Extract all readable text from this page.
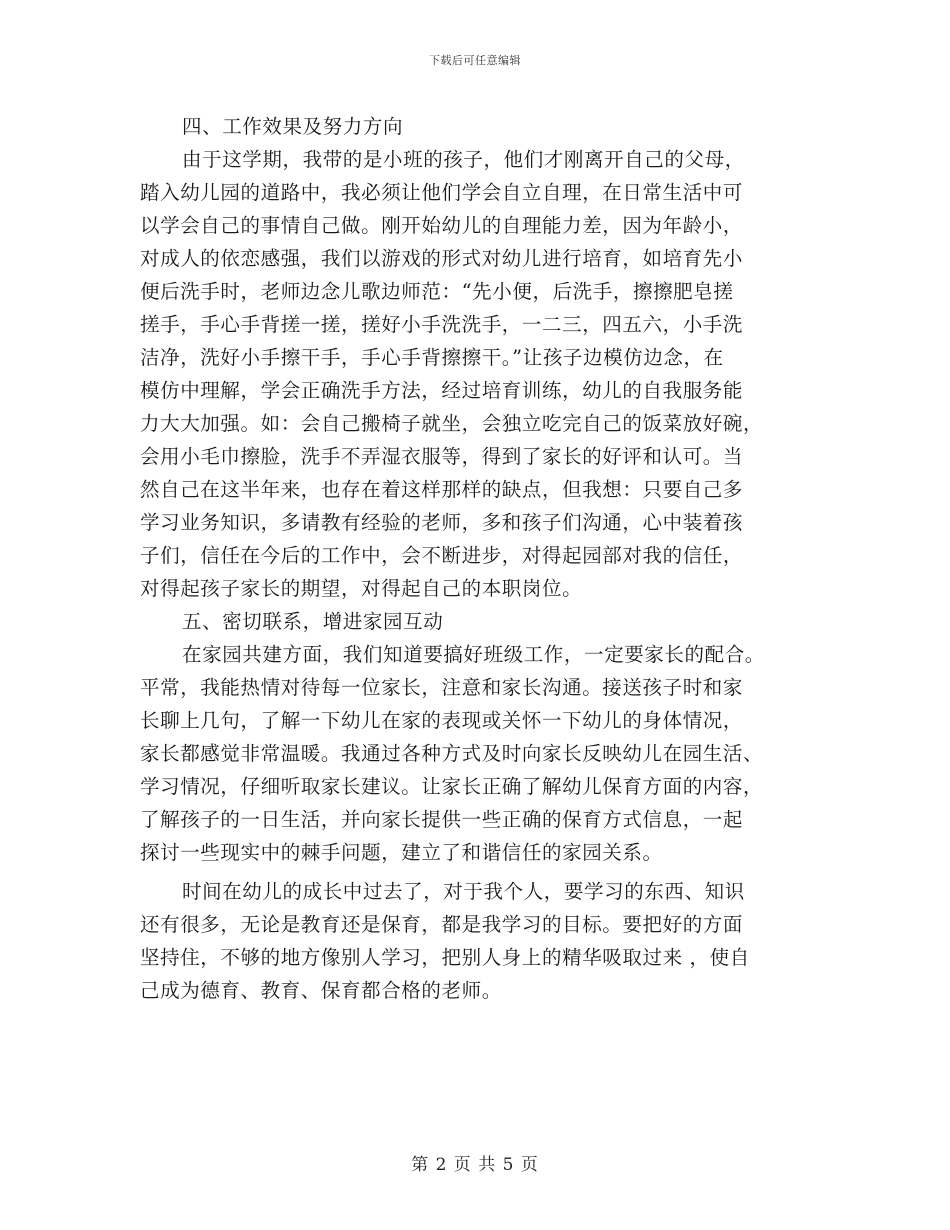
下载后可任意编辑
四、工作效果及努力方向
由于这学期，我带的是小班的孩子，他们才刚离开自己的父母，
踏入幼儿园的道路中，我必须让他们学会自立自理，在日常生活中可
以学会自己的事情自己做。刚开始幼儿的自理能力差，因为年龄小，
对成人的依恋感强，我们以游戏的形式对幼儿进行培育，如培育先小
便后洗手时，老师边念儿歌边师范：“先小便，后洗手，擦擦肥皂搓
搓手，手心手背搓一搓，搓好小手洗洗手，一二三，四五六，小手洗
洁净，洗好小手擦干手，手心手背擦擦干。”让孩子边模仿边念，在
模仿中理解，学会正确洗手方法，经过培育训练，幼儿的自我服务能
力大大加强。如：会自己搬椅子就坐，会独立吃完自己的饭菜放好碗，
会用小毛巾擦脸，洗手不弄湿衣服等，得到了家长的好评和认可。当
然自己在这半年来，也存在着这样那样的缺点，但我想：只要自己多
学习业务知识，多请教有经验的老师，多和孩子们沟通，心中装着孩
子们，信任在今后的工作中，会不断进步，对得起园部对我的信任，
对得起孩子家长的期望，对得起自己的本职岗位。
五、密切联系，增进家园互动
在家园共建方面，我们知道要搞好班级工作，一定要家长的配合。
平常，我能热情对待每一位家长，注意和家长沟通。接送孩子时和家
长聊上几句，了解一下幼儿在家的表现或关怀一下幼儿的身体情况，
家长都感觉非常温暖。我通过各种方式及时向家长反映幼儿在园生活、
学习情况，仔细听取家长建议。让家长正确了解幼儿保育方面的内容，
了解孩子的一日生活，并向家长提供一些正确的保育方式信息，一起
探讨一些现实中的棘手问题，建立了和谐信任的家园关系。
时间在幼儿的成长中过去了，对于我个人，要学习的东西、知识
还有很多，无论是教育还是保育，都是我学习的目标。要把好的方面
坚持住，不够的地方像别人学习，把别人身上的精华吸取过来 ，使自
己成为德育、教育、保育都合格的老师。
第 2 页 共 5 页
